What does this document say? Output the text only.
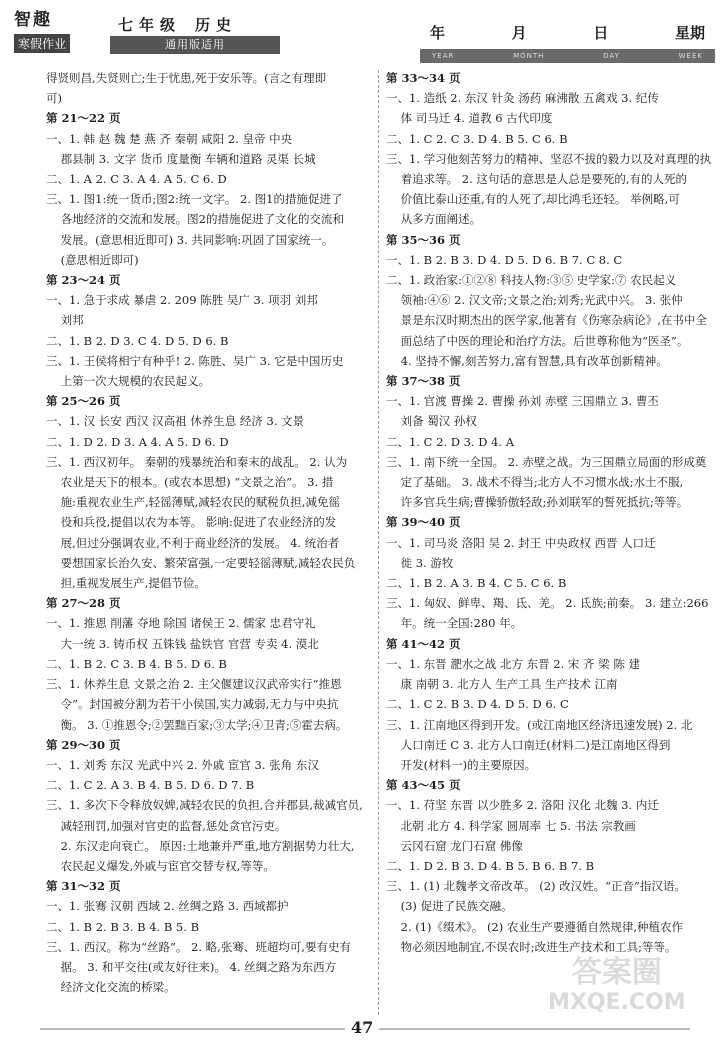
智趣
寒假作业
七年级 历史
通用版适用
年	月	日	星期
YEAR	MONTH	DAY	WEEK
得贤则昌,失贤则亡;生于忧患,死于安乐等。(言之有理即
可)
第 21～22 页
一、1. 韩 赵 魏 楚 燕 齐 秦朝 咸阳 2. 皇帝 中央
郡县制 3. 文字 货币 度量衡 车辆和道路 灵渠 长城
二、1. A 2. C 3. A 4. A 5. C 6. D
三、1. 图1:统一货币;图2:统一文字。 2. 图1的措施促进了
各地经济的交流和发展。图2的措施促进了文化的交流和
发展。(意思相近即可) 3. 共同影响:巩固了国家统一。
(意思相近即可)
第 23～24 页
一、1. 急于求成 暴虐 2. 209 陈胜 吴广 3. 项羽 刘邦
刘邦
二、1. B 2. D 3. C 4. D 5. D 6. B
三、1. 王侯将相宁有种乎! 2. 陈胜、吴广 3. 它是中国历史
上第一次大规模的农民起义。
第 25～26 页
一、1. 汉 长安 西汉 汉高祖 休养生息 经济 3. 文景
二、1. D 2. D 3. A 4. A 5. D 6. D
三、1. 西汉初年。 秦朝的残暴统治和秦末的战乱。 2. 认为
农业是天下的根本。(或农本思想) “文景之治”。 3. 措
施:重视农业生产,轻徭薄赋,减轻农民的赋税负担,减免徭
役和兵役,提倡以农为本等。 影响:促进了农业经济的发
展,但过分强调农业,不利于商业经济的发展。 4. 统治者
要想国家长治久安、繁荣富强,一定要轻徭薄赋,减轻农民负
担,重视发展生产,提倡节俭。
第 27～28 页
一、1. 推恩 削藩 夺地 除国 诸侯王 2. 儒家 忠君守礼
大一统 3. 铸币权 五铢钱 盐铁官 官营 专卖 4. 漠北
二、1. B 2. C 3. B 4. B 5. D 6. B
三、1. 休养生息 文景之治 2. 主父偃建议汉武帝实行“推恩
令”。封国被分割为若干小侯国,实力减弱,无力与中央抗
衡。 3. ①推恩令;②罢黜百家;③太学;④卫青;⑤霍去病。
第 29～30 页
一、1. 刘秀 东汉 光武中兴 2. 外戚 宦官 3. 张角 东汉
二、1. C 2. A 3. B 4. B 5. D 6. D 7. B
三、1. 多次下令释放奴婢,减轻农民的负担,合并郡县,裁减官员,
减轻刑罚,加强对官吏的监督,惩处贪官污吏。
2. 东汉走向衰亡。 原因:土地兼并严重,地方割据势力壮大,
农民起义爆发,外戚与宦官交替专权,等等。
第 31～32 页
一、1. 张骞 汉朝 西域 2. 丝绸之路 3. 西域都护
二、1. B 2. B 3. B 4. B 5. B
三、1. 西汉。称为“丝路”。 2. 略,张骞、班超均可,要有史有
据。 3. 和平交往(或友好往来)。 4. 丝绸之路为东西方
经济文化交流的桥梁。
第 33～34 页
一、1. 造纸 2. 东汉 针灸 汤药 麻沸散 五禽戏 3. 纪传
体 司马迁 4. 道教 6 古代印度
二、1. C 2. C 3. D 4. B 5. C 6. B
三、1. 学习他刻苦努力的精神、坚忍不拔的毅力以及对真理的执
着追求等。 2. 这句话的意思是人总是要死的,有的人死的
价值比泰山还重,有的人死了,却比鸿毛还轻。 举例略,可
从多方面阐述。
第 35～36 页
一、1. B 2. B 3. D 4. D 5. D 6. B 7. C 8. C
二、1. 政治家:①②⑧ 科技人物:③⑤ 史学家:⑦ 农民起义
领袖:④⑥ 2. 汉文帝;文景之治;刘秀;光武中兴。 3. 张仲
景是东汉时期杰出的医学家,他著有《伤寒杂病论》,在书中全
面总结了中医的理论和治疗方法。后世尊称他为“医圣”。
4. 坚持不懈,刻苦努力,富有智慧,具有改革创新精神。
第 37～38 页
一、1. 官渡 曹操 2. 曹操 孙刘 赤壁 三国鼎立 3. 曹丕
刘备 蜀汉 孙权
二、1. C 2. D 3. D 4. A
三、1. 南下统一全国。 2. 赤壁之战。为三国鼎立局面的形成奠
定了基础。 3. 战术不得当;北方人不习惯水战;水土不服,
许多官兵生病;曹操骄傲轻敌;孙刘联军的誓死抵抗;等等。
第 39～40 页
一、1. 司马炎 洛阳 吴 2. 封王 中央政权 西晋 人口迁
徙 3. 游牧
二、1. B 2. A 3. B 4. C 5. C 6. B
三、1. 匈奴、鲜卑、羯、氐、羌。 2. 氐族;前秦。 3. 建立:266
年。统一全国:280 年。
第 41～42 页
一、1. 东晋 淝水之战 北方 东晋 2. 宋 齐 梁 陈 建
康 南朝 3. 北方人 生产工具 生产技术 江南
二、1. C 2. B 3. D 4. D 5. D 6. C
三、1. 江南地区得到开发。(或江南地区经济迅速发展) 2. 北
人口南迁 C 3. 北方人口南迁(材料二)是江南地区得到
开发(材料一)的主要原因。
第 43～45 页
一、1. 苻坚 东晋 以少胜多 2. 洛阳 汉化 北魏 3. 内迁
北朝 北方 4. 科学家 圆周率 七 5. 书法 宗教画
云冈石窟 龙门石窟 佛像
二、1. D 2. B 3. D 4. B 5. B 6. B 7. B
三、1. (1) 北魏孝文帝改革。 (2) 改汉姓。“正音”指汉语。
(3) 促进了民族交融。
2. (1)《缀术》。 (2) 农业生产要遵循自然规律,种植农作
物必须因地制宜,不误农时;改进生产技术和工具;等等。
答案圈
MXQE.COM
47
